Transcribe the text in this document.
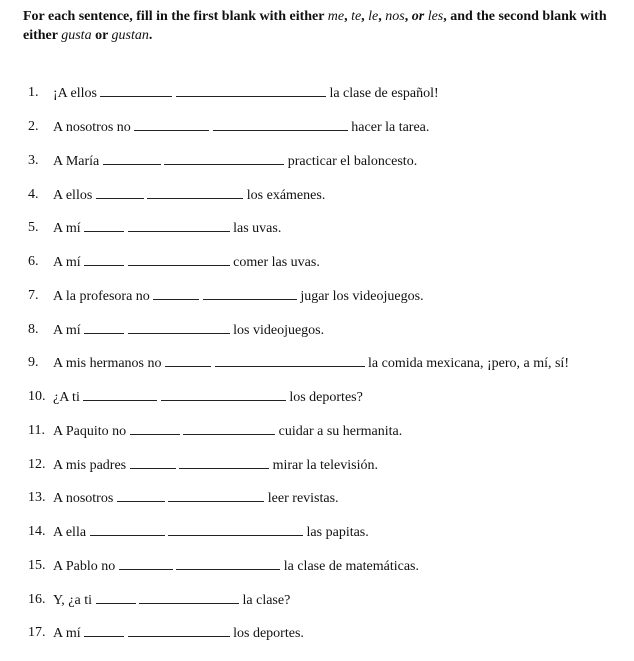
For each sentence, fill in the first blank with either me, te, le, nos, or les, and the second blank with either gusta or gustan.
1.	¡A ellos	la clase de español!
2.	A nosotros no	hacer la tarea.
3.	A María	practicar el baloncesto.
4.	A ellos	los exámenes.
5.	A mí	las uvas.
6.	A mí	comer las uvas.
7.	A la profesora no	jugar los videojuegos.
8.	A mí	los videojuegos.
9.	A mis hermanos no	la comida mexicana, ¡pero, a mí, sí!
10. ¿A ti	los deportes?
11. A Paquito no	cuidar a su hermanita.
12. A mis padres	mirar la televisión.
13. A nosotros	leer revistas.
14. A ella	las papitas.
15. A Pablo no	la clase de matemáticas.
16. Y, ¿a ti	la clase?
17. A mí	los deportes.
